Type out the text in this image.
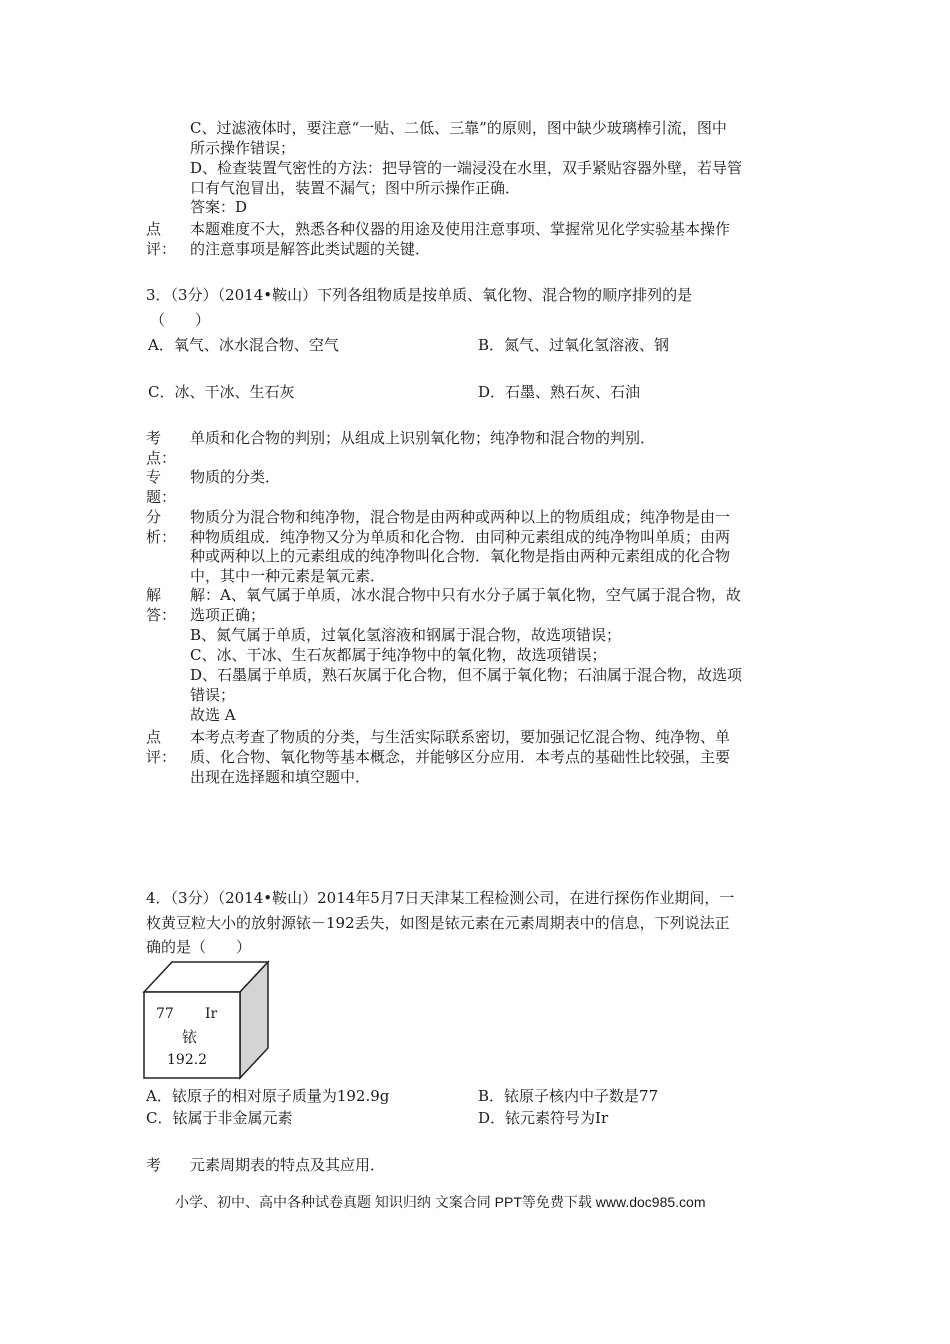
C、过滤液体时，要注意“一贴、二低、三靠”的原则，图中缺少玻璃棒引流，图中
所示操作错误；
D、检查装置气密性的方法：把导管的一端浸没在水里，双手紧贴容器外壁，若导管
口有气泡冒出，装置不漏气；图中所示操作正确．
答案：D
点
评：
本题难度不大，熟悉各种仪器的用途及使用注意事项、掌握常见化学实验基本操作
的注意事项是解答此类试题的关键．
3．（3分）（2014•鞍山）下列各组物质是按单质、氧化物、混合物的顺序排列的是
（　　）
A．氧气、冰水混合物、空气	B．氮气、过氧化氢溶液、钢
C．冰、干冰、生石灰	D．石墨、熟石灰、石油
考
点：
单质和化合物的判别；从组成上识别氧化物；纯净物和混合物的判别．
专
题：
物质的分类．
分
析：
物质分为混合物和纯净物，混合物是由两种或两种以上的物质组成；纯净物是由一
种物质组成．纯净物又分为单质和化合物．由同种元素组成的纯净物叫单质；由两
种或两种以上的元素组成的纯净物叫化合物．氧化物是指由两种元素组成的化合物
中，其中一种元素是氧元素．
解
答：
解：A、氧气属于单质，冰水混合物中只有水分子属于氧化物，空气属于混合物，故
选项正确；
B、氮气属于单质，过氧化氢溶液和钢属于混合物，故选项错误；
C、冰、干冰、生石灰都属于纯净物中的氧化物，故选项错误；
D、石墨属于单质，熟石灰属于化合物，但不属于氧化物；石油属于混合物，故选项
错误；
故选 A
点
评：
本考点考查了物质的分类，与生活实际联系密切，要加强记忆混合物、纯净物、单
质、化合物、氧化物等基本概念，并能够区分应用．本考点的基础性比较强，主要
出现在选择题和填空题中．
4．（3分）（2014•鞍山）2014年5月7日天津某工程检测公司，在进行探伤作业期间，一
枚黄豆粒大小的放射源铱－192丢失，如图是铱元素在元素周期表中的信息，下列说法正
确的是（　　）
77 Ir
铱
192.2
A．铱原子的相对原子质量为192.9g	B．铱原子核内中子数是77
C．铱属于非金属元素	D．铱元素符号为Ir
考 元素周期表的特点及其应用．
小学、初中、高中各种试卷真题 知识归纳 文案合同 PPT等免费下载 www.doc985.com
